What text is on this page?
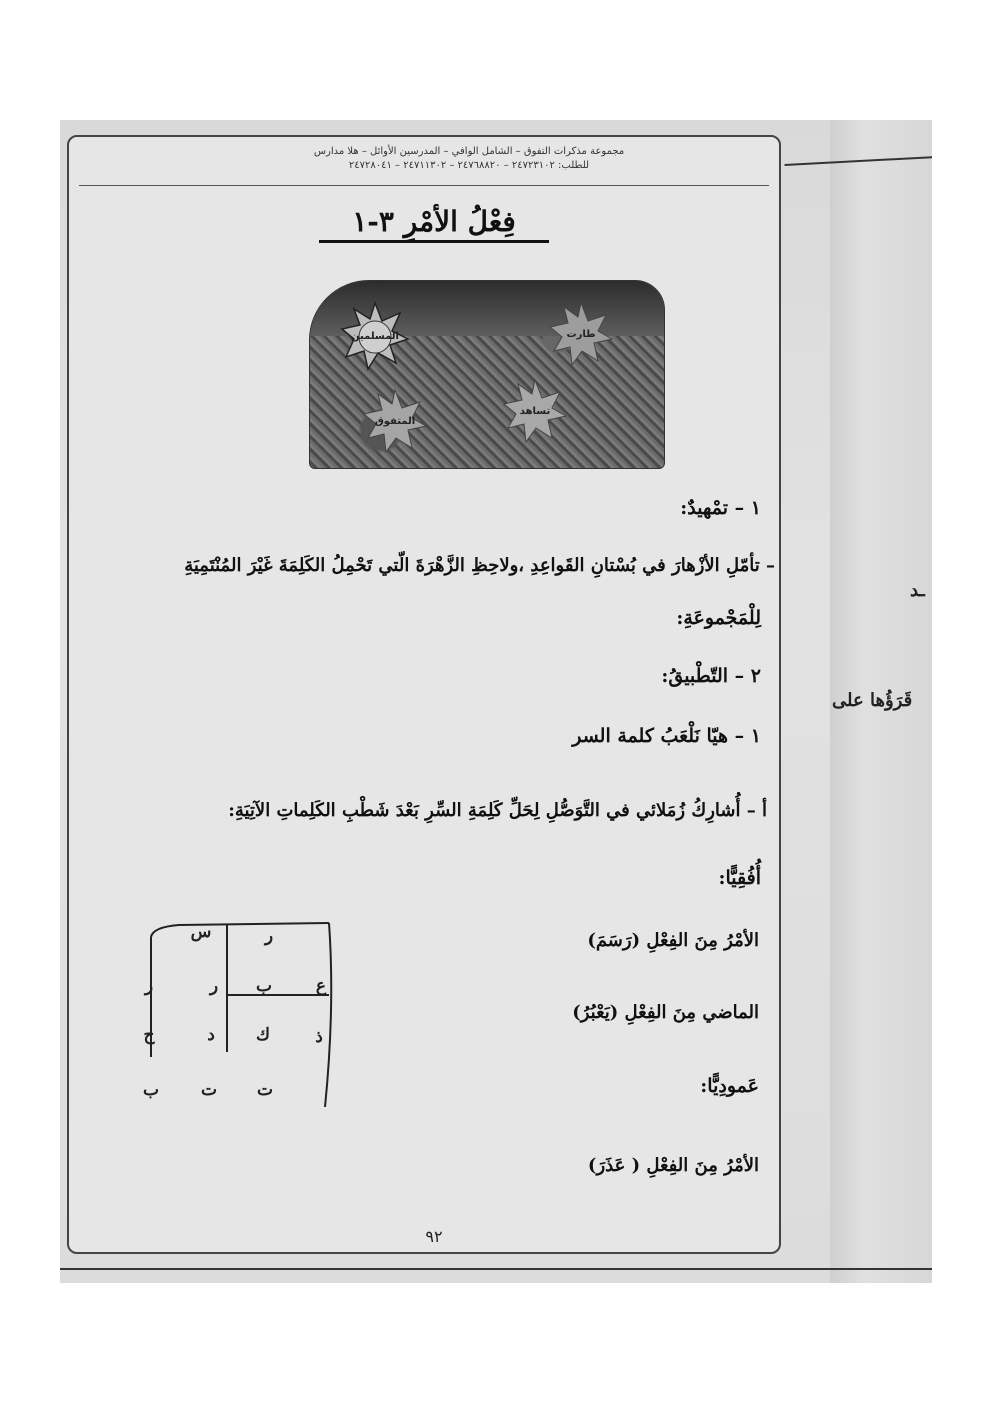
قَرَؤُها على
ـد
مجموعة مذكرات التفوق – الشامل الوافي – المدرسين الأوائل – هلا مدارس
للطلب: ٢٤٧٢٣١٠٢ – ٢٤٧٦٨٨٢٠ – ٢٤٧١١٣٠٢ – ٢٤٧٢٨٠٤١
فِعْلُ الأمْرِ ٣-١
المسلمين	طارت
المتفوق
تساهد
١ – تمْهيدٌ:
– تأمّلِ الأزْهارَ في بُسْتانِ القَواعِدِ ،ولاحِظِ الزَّهْرَةَ الّتي تَحْمِلُ الكَلِمَةَ غَيْرَ المُنْتَمِيَةِ
لِلْمَجْموعَةِ:
٢ – التّطْبيقُ:
١ – هيّا نَلْعَبُ كلمة السر
أ – أُشارِكُ زُمَلائي في التَّوَصُّلِ لِحَلِّ كَلِمَةِ السِّرِ بَعْدَ شَطْبِ الكَلِماتِ الآتِيَةِ:
أُفُقِيًّا:
الأمْرُ مِنَ الفِعْلِ (رَسَمَ)
الماضي مِنَ الفِعْلِ (يَعْبُرُ)
عَمودِيًّا:
الأمْرُ مِنَ الفِعْلِ ( عَذَرَ)
ر
س
ع
ب
ر
ر
ذ
ك
د
ح
ت
ت
ب
٩٢
